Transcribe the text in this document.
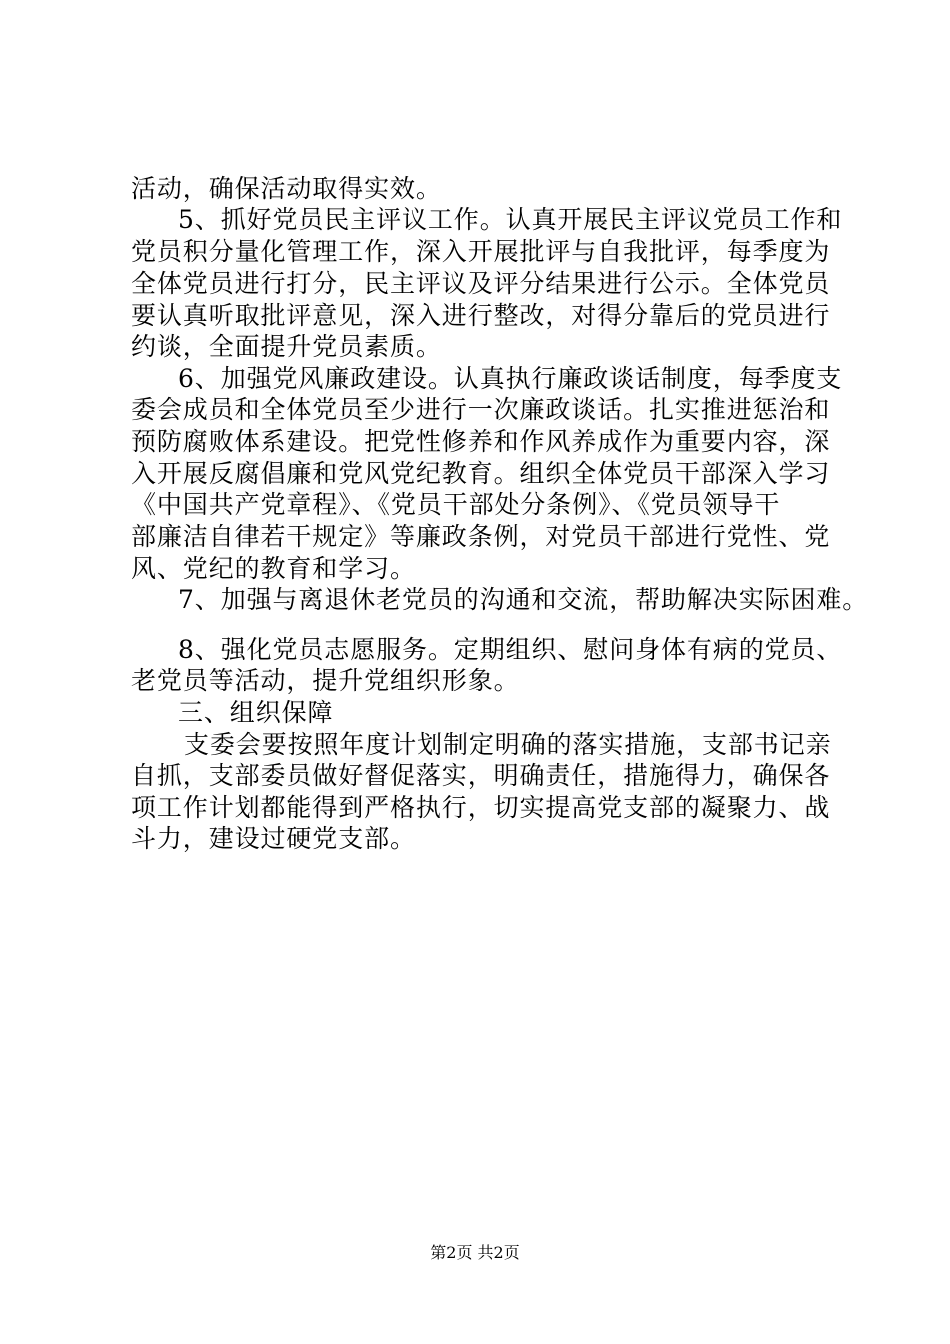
活动，确保活动取得实效。
5、抓好党员民主评议工作。认真开展民主评议党员工作和
党员积分量化管理工作，深入开展批评与自我批评，每季度为
全体党员进行打分，民主评议及评分结果进行公示。全体党员
要认真听取批评意见，深入进行整改，对得分靠后的党员进行
约谈，全面提升党员素质。
6、加强党风廉政建设。认真执行廉政谈话制度，每季度支
委会成员和全体党员至少进行一次廉政谈话。扎实推进惩治和
预防腐败体系建设。把党性修养和作风养成作为重要内容，深
入开展反腐倡廉和党风党纪教育。组织全体党员干部深入学习
《中国共产党章程》、《党员干部处分条例》、《党员领导干
部廉洁自律若干规定》等廉政条例，对党员干部进行党性、党
风、党纪的教育和学习。
7、加强与离退休老党员的沟通和交流，帮助解决实际困难。
8、强化党员志愿服务。定期组织、慰问身体有病的党员、
老党员等活动，提升党组织形象。
三、组织保障
支委会要按照年度计划制定明确的落实措施，支部书记亲
自抓，支部委员做好督促落实，明确责任，措施得力，确保各
项工作计划都能得到严格执行，切实提高党支部的凝聚力、战
斗力，建设过硬党支部。
第2页 共2页
